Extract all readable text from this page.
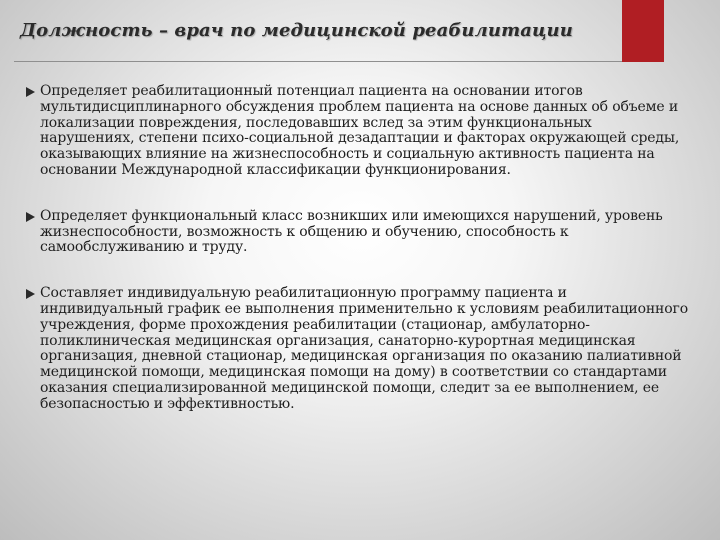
Должность – врач по медицинской реабилитации
Определяет реабилитационный потенциал пациента на основании итогов мультидисциплинарного обсуждения проблем пациента на основе данных об объеме и локализации повреждения, последовавших вслед за этим функциональных нарушениях, степени психо-социальной дезадаптации и факторах окружающей среды, оказывающих влияние на жизнеспособность и социальную активность пациента на основании Международной классификации функционирования.
Определяет функциональный класс возникших или имеющихся нарушений, уровень жизнеспособности, возможность к общению и обучению, способность к самообслуживанию и труду.
Составляет индивидуальную реабилитационную программу пациента и индивидуальный график ее выполнения применительно к условиям реабилитационного учреждения, форме прохождения реабилитации (стационар, амбулаторно-поликлиническая медицинская организация, санаторно-курортная медицинская организация, дневной стационар, медицинская организация по оказанию палиативной медицинской помощи, медицинская помощи на дому) в соответствии со стандартами оказания специализированной медицинской помощи, следит за ее выполнением, ее безопасностью и эффективностью.
